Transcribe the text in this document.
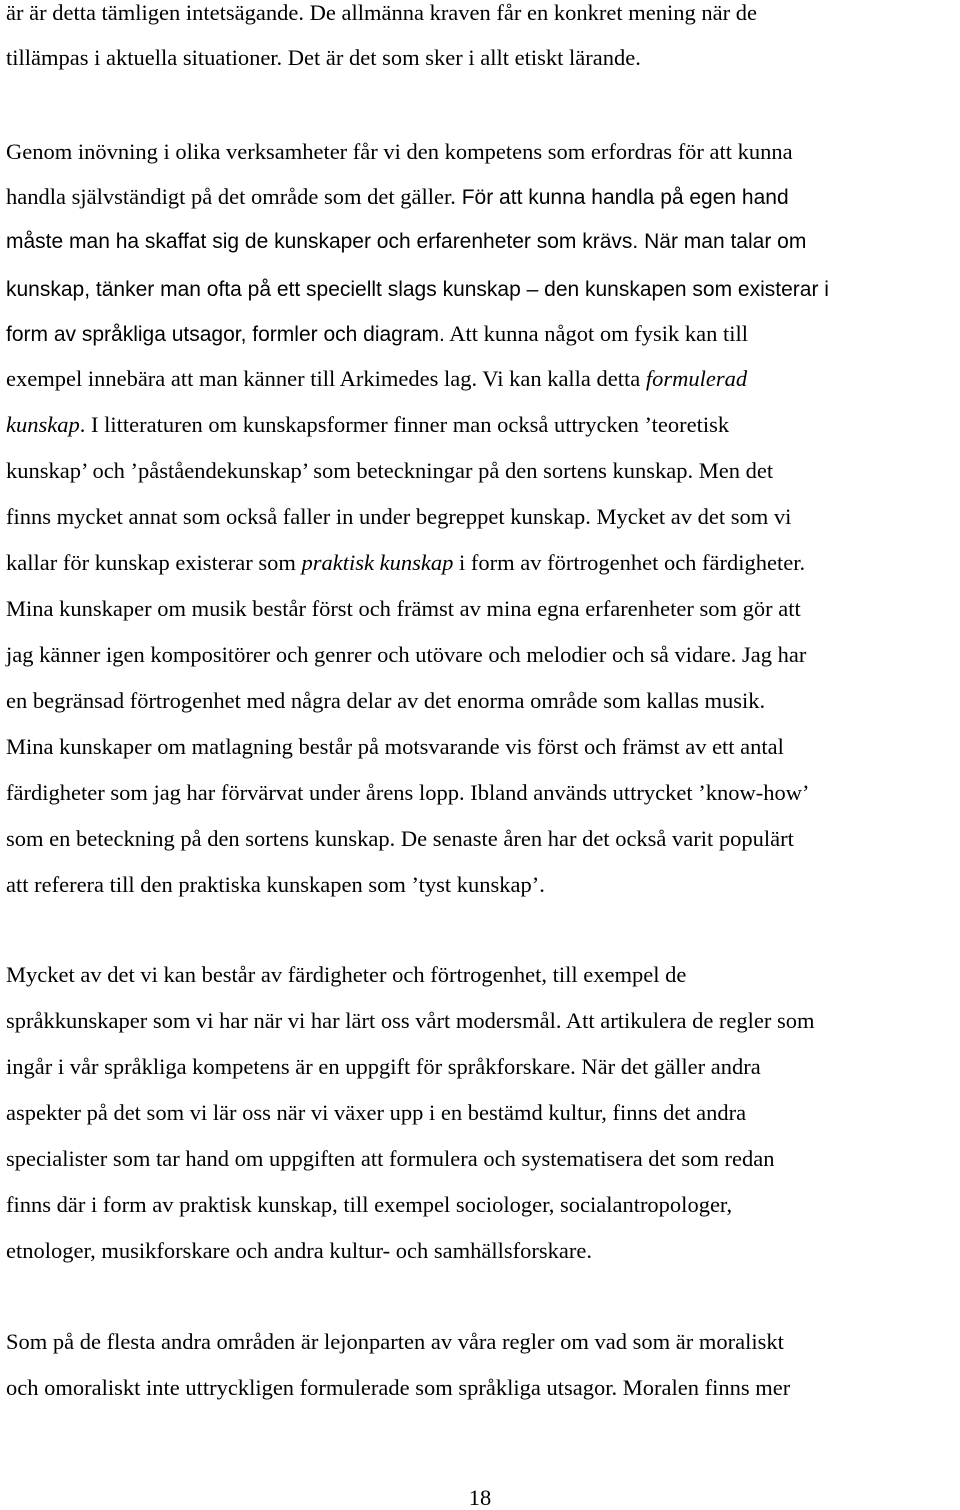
är är detta tämligen intetsägande. De allmänna kraven får en konkret mening när de
tillämpas i aktuella situationer. Det är det som sker i allt etiskt lärande.
Genom inövning i olika verksamheter får vi den kompetens som erfordras för att kunna
handla självständigt på det område som det gäller. För att kunna handla på egen hand
måste man ha skaffat sig de kunskaper och erfarenheter som krävs. När man talar om
kunskap, tänker man ofta på ett speciellt slags kunskap – den kunskapen som existerar i
form av språkliga utsagor, formler och diagram. Att kunna något om fysik kan till
exempel innebära att man känner till Arkimedes lag. Vi kan kalla detta formulerad
kunskap. I litteraturen om kunskapsformer finner man också uttrycken ’teoretisk
kunskap’ och ’påståendekunskap’ som beteckningar på den sortens kunskap. Men det
finns mycket annat som också faller in under begreppet kunskap. Mycket av det som vi
kallar för kunskap existerar som praktisk kunskap i form av förtrogenhet och färdigheter.
Mina kunskaper om musik består först och främst av mina egna erfarenheter som gör att
jag känner igen kompositörer och genrer och utövare och melodier och så vidare. Jag har
en begränsad förtrogenhet med några delar av det enorma område som kallas musik.
Mina kunskaper om matlagning består på motsvarande vis först och främst av ett antal
färdigheter som jag har förvärvat under årens lopp. Ibland används uttrycket ’know-how’
som en beteckning på den sortens kunskap. De senaste åren har det också varit populärt
att referera till den praktiska kunskapen som ’tyst kunskap’.
Mycket av det vi kan består av färdigheter och förtrogenhet, till exempel de
språkkunskaper som vi har när vi har lärt oss vårt modersmål. Att artikulera de regler som
ingår i vår språkliga kompetens är en uppgift för språkforskare. När det gäller andra
aspekter på det som vi lär oss när vi växer upp i en bestämd kultur, finns det andra
specialister som tar hand om uppgiften att formulera och systematisera det som redan
finns där i form av praktisk kunskap, till exempel sociologer, socialantropologer,
etnologer, musikforskare och andra kultur- och samhällsforskare.
Som på de flesta andra områden är lejonparten av våra regler om vad som är moraliskt
och omoraliskt inte uttryckligen formulerade som språkliga utsagor. Moralen finns mer
18
